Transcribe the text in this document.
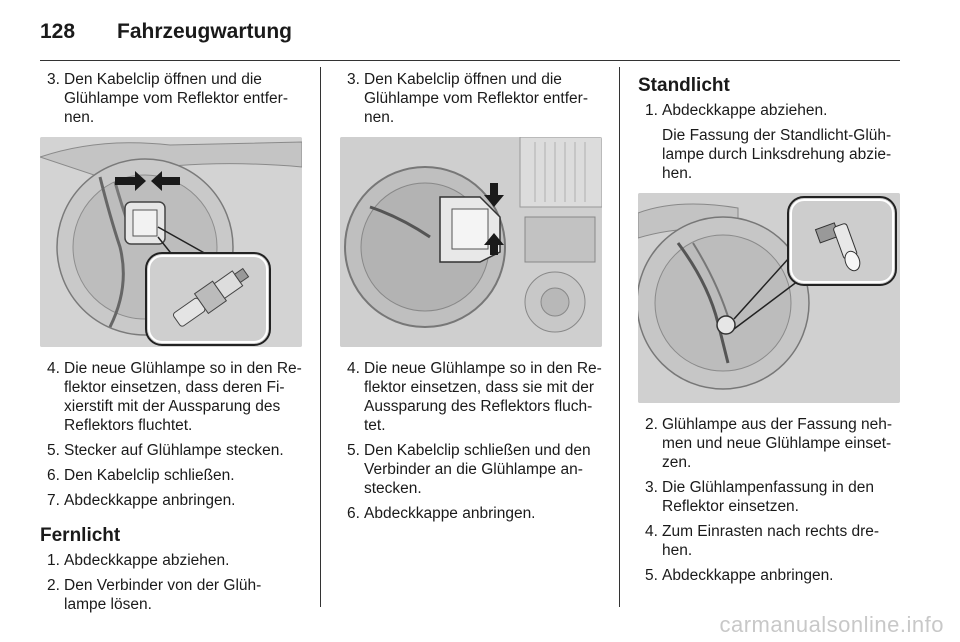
128 Fahrzeugwartung
3. Den Kabelclip öffnen und die Glühlampe vom Reflektor entfer-nen.
4. Die neue Glühlampe so in den Re-flektor einsetzen, dass deren Fi-xierstift mit der Aussparung des Reflektors fluchtet.
5. Stecker auf Glühlampe stecken.
6. Den Kabelclip schließen.
7. Abdeckkappe anbringen.
Fernlicht
1. Abdeckkappe abziehen.
2. Den Verbinder von der Glüh-lampe lösen.
3. Den Kabelclip öffnen und die Glühlampe vom Reflektor entfer-nen.
4. Die neue Glühlampe so in den Re-flektor einsetzen, dass sie mit der Aussparung des Reflektors fluch-tet.
5. Den Kabelclip schließen und den Verbinder an die Glühlampe an-stecken.
6. Abdeckkappe anbringen.
Standlicht
1. Abdeckkappe abziehen.
Die Fassung der Standlicht-Glüh-lampe durch Linksdrehung abzie-hen.
2. Glühlampe aus der Fassung neh-men und neue Glühlampe einset-zen.
3. Die Glühlampenfassung in den Reflektor einsetzen.
4. Zum Einrasten nach rechts dre-hen.
5. Abdeckkappe anbringen.
carmanualsonline.info
